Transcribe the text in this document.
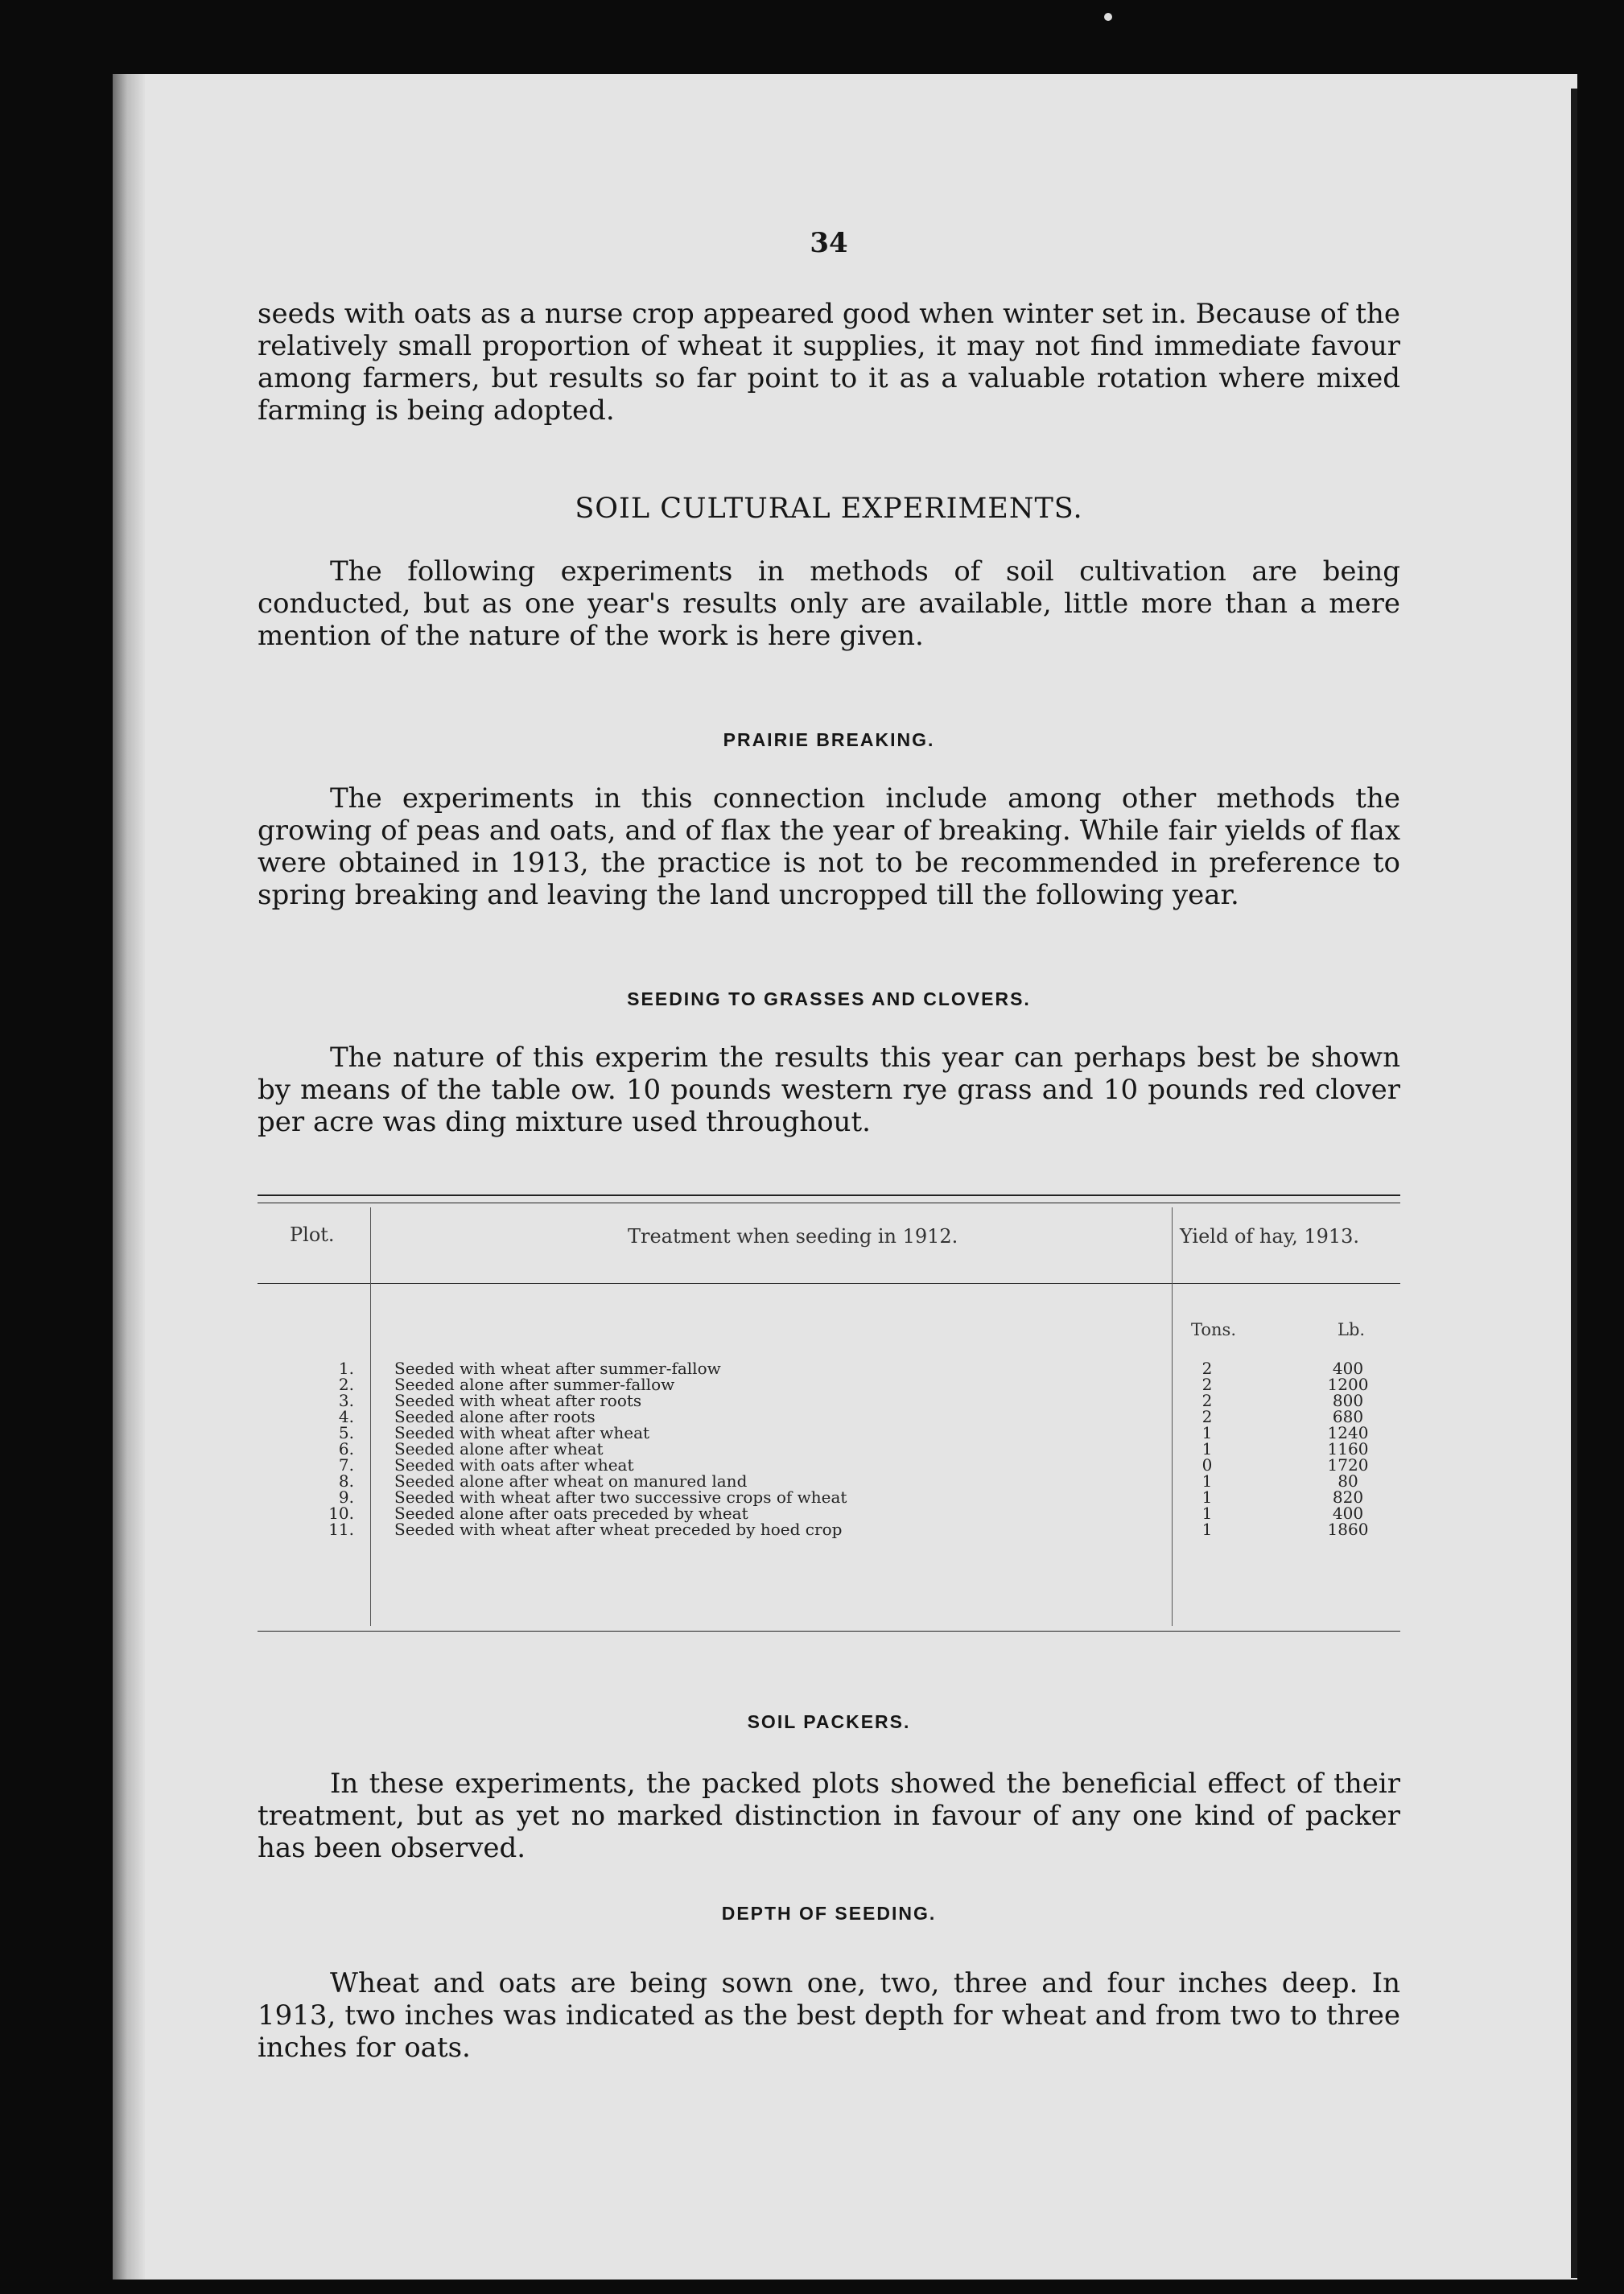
34

seeds with oats as a nurse crop appeared good when winter set in. Because of the relatively small proportion of wheat it supplies, it may not find immediate favour among farmers, but results so far point to it as a valuable rotation where mixed farming is being adopted.

SOIL CULTURAL EXPERIMENTS.

The following experiments in methods of soil cultivation are being conducted, but as one year's results only are available, little more than a mere mention of the nature of the work is here given.

PRAIRIE BREAKING.

The experiments in this connection include among other methods the growing of peas and oats, and of flax the year of breaking. While fair yields of flax were obtained in 1913, the practice is not to be recommended in preference to spring breaking and leaving the land uncropped till the following year.

SEEDING TO GRASSES AND CLOVERS.

The nature of this experim the results this year can perhaps best be shown by means of the table ow. 10 pounds western rye grass and 10 pounds red clover per acre was ding mixture used throughout.

Plot.	Treatment when seeding in 1912.	Yield of hay, 1913.
Tons.	Lb.
1.	Seeded with wheat after summer-fallow	2	400
2.	Seeded alone after summer-fallow	2	1200
3.	Seeded with wheat after roots	2	800
4.	Seeded alone after roots	2	680
5.	Seeded with wheat after wheat	1	1240
6.	Seeded alone after wheat	1	1160
7.	Seeded with oats after wheat	0	1720
8.	Seeded alone after wheat on manured land	1	80
9.	Seeded with wheat after two successive crops of wheat	1	820
10.	Seeded alone after oats preceded by wheat	1	400
11.	Seeded with wheat after wheat preceded by hoed crop	1	1860
SOIL PACKERS.

In these experiments, the packed plots showed the beneficial effect of their treatment, but as yet no marked distinction in favour of any one kind of packer has been observed.

DEPTH OF SEEDING.

Wheat and oats are being sown one, two, three and four inches deep. In 1913, two inches was indicated as the best depth for wheat and from two to three inches for oats.
